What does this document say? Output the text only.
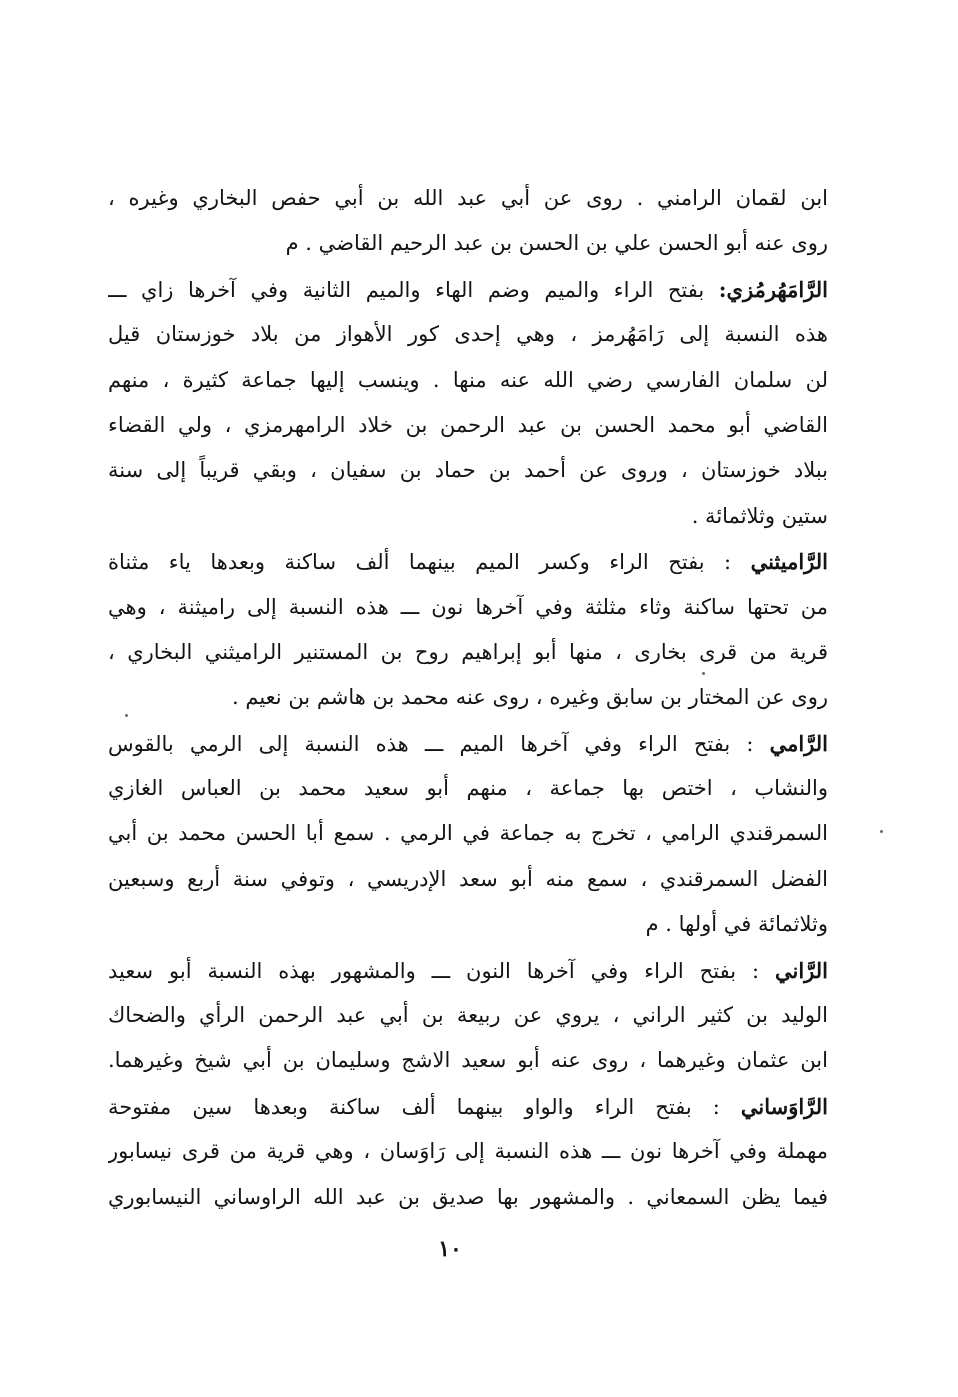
ابن لقمان الرامني . روى عن أبي عبد الله بن أبي حفص البخاري وغيره ،
روى عنه أبو الحسن علي بن الحسن بن عبد الرحيم القاضي . م
الرَّامَهُرمُزي: بفتح الراء والميم وضم الهاء والميم الثانية وفي آخرها زاي ـــ
هذه النسبة إلى رَامَهُرمز ، وهي إحدى كور الأهواز من بلاد خوزستان قيل
لن سلمان الفارسي رضي الله عنه منها . وينسب إليها جماعة كثيرة ، منهم
القاضي أبو محمد الحسن بن عبد الرحمن بن خلاد الرامهرمزي ، ولي القضاء
ببلاد خوزستان ، وروى عن أحمد بن حماد بن سفيان ، وبقي قريباً إلى سنة
ستين وثلاثمائة .
الرَّاميثني : بفتح الراء وكسر الميم بينهما ألف ساكنة وبعدها ياء مثناة
من تحتها ساكنة وثاء مثلثة وفي آخرها نون ـــ هذه النسبة إلى راميثنة ، وهي
قرية من قرى بخارى ، منها أبو إبراهيم روح بن المستنير الراميثني البخاري ،
روى عن المختار بن سابق وغيره ، روى عنه محمد بن هاشم بن نعيم .
الرَّامي : بفتح الراء وفي آخرها الميم ـــ هذه النسبة إلى الرمي بالقوس
والنشاب ، اختص بها جماعة ، منهم أبو سعيد محمد بن العباس الغازي
السمرقندي الرامي ، تخرج به جماعة في الرمي . سمع أبا الحسن محمد بن أبي
الفضل السمرقندي ، سمع منه أبو سعد الإدريسي ، وتوفي سنة أربع وسبعين
وثلاثمائة في أولها . م
الرَّاني : بفتح الراء وفي آخرها النون ـــ والمشهور بهذه النسبة أبو سعيد
الوليد بن كثير الراني ، يروي عن ربيعة بن أبي عبد الرحمن الرأي والضحاك
ابن عثمان وغيرهما ، روى عنه أبو سعيد الاشج وسليمان بن أبي شيخ وغيرهما.
الرَّاوَساني : بفتح الراء والواو بينهما ألف ساكنة وبعدها سين مفتوحة
مهملة وفي آخرها نون ـــ هذه النسبة إلى رَاوَسان ، وهي قرية من قرى نيسابور
فيما يظن السمعاني . والمشهور بها صديق بن عبد الله الراوساني النيسابوري
١٠
